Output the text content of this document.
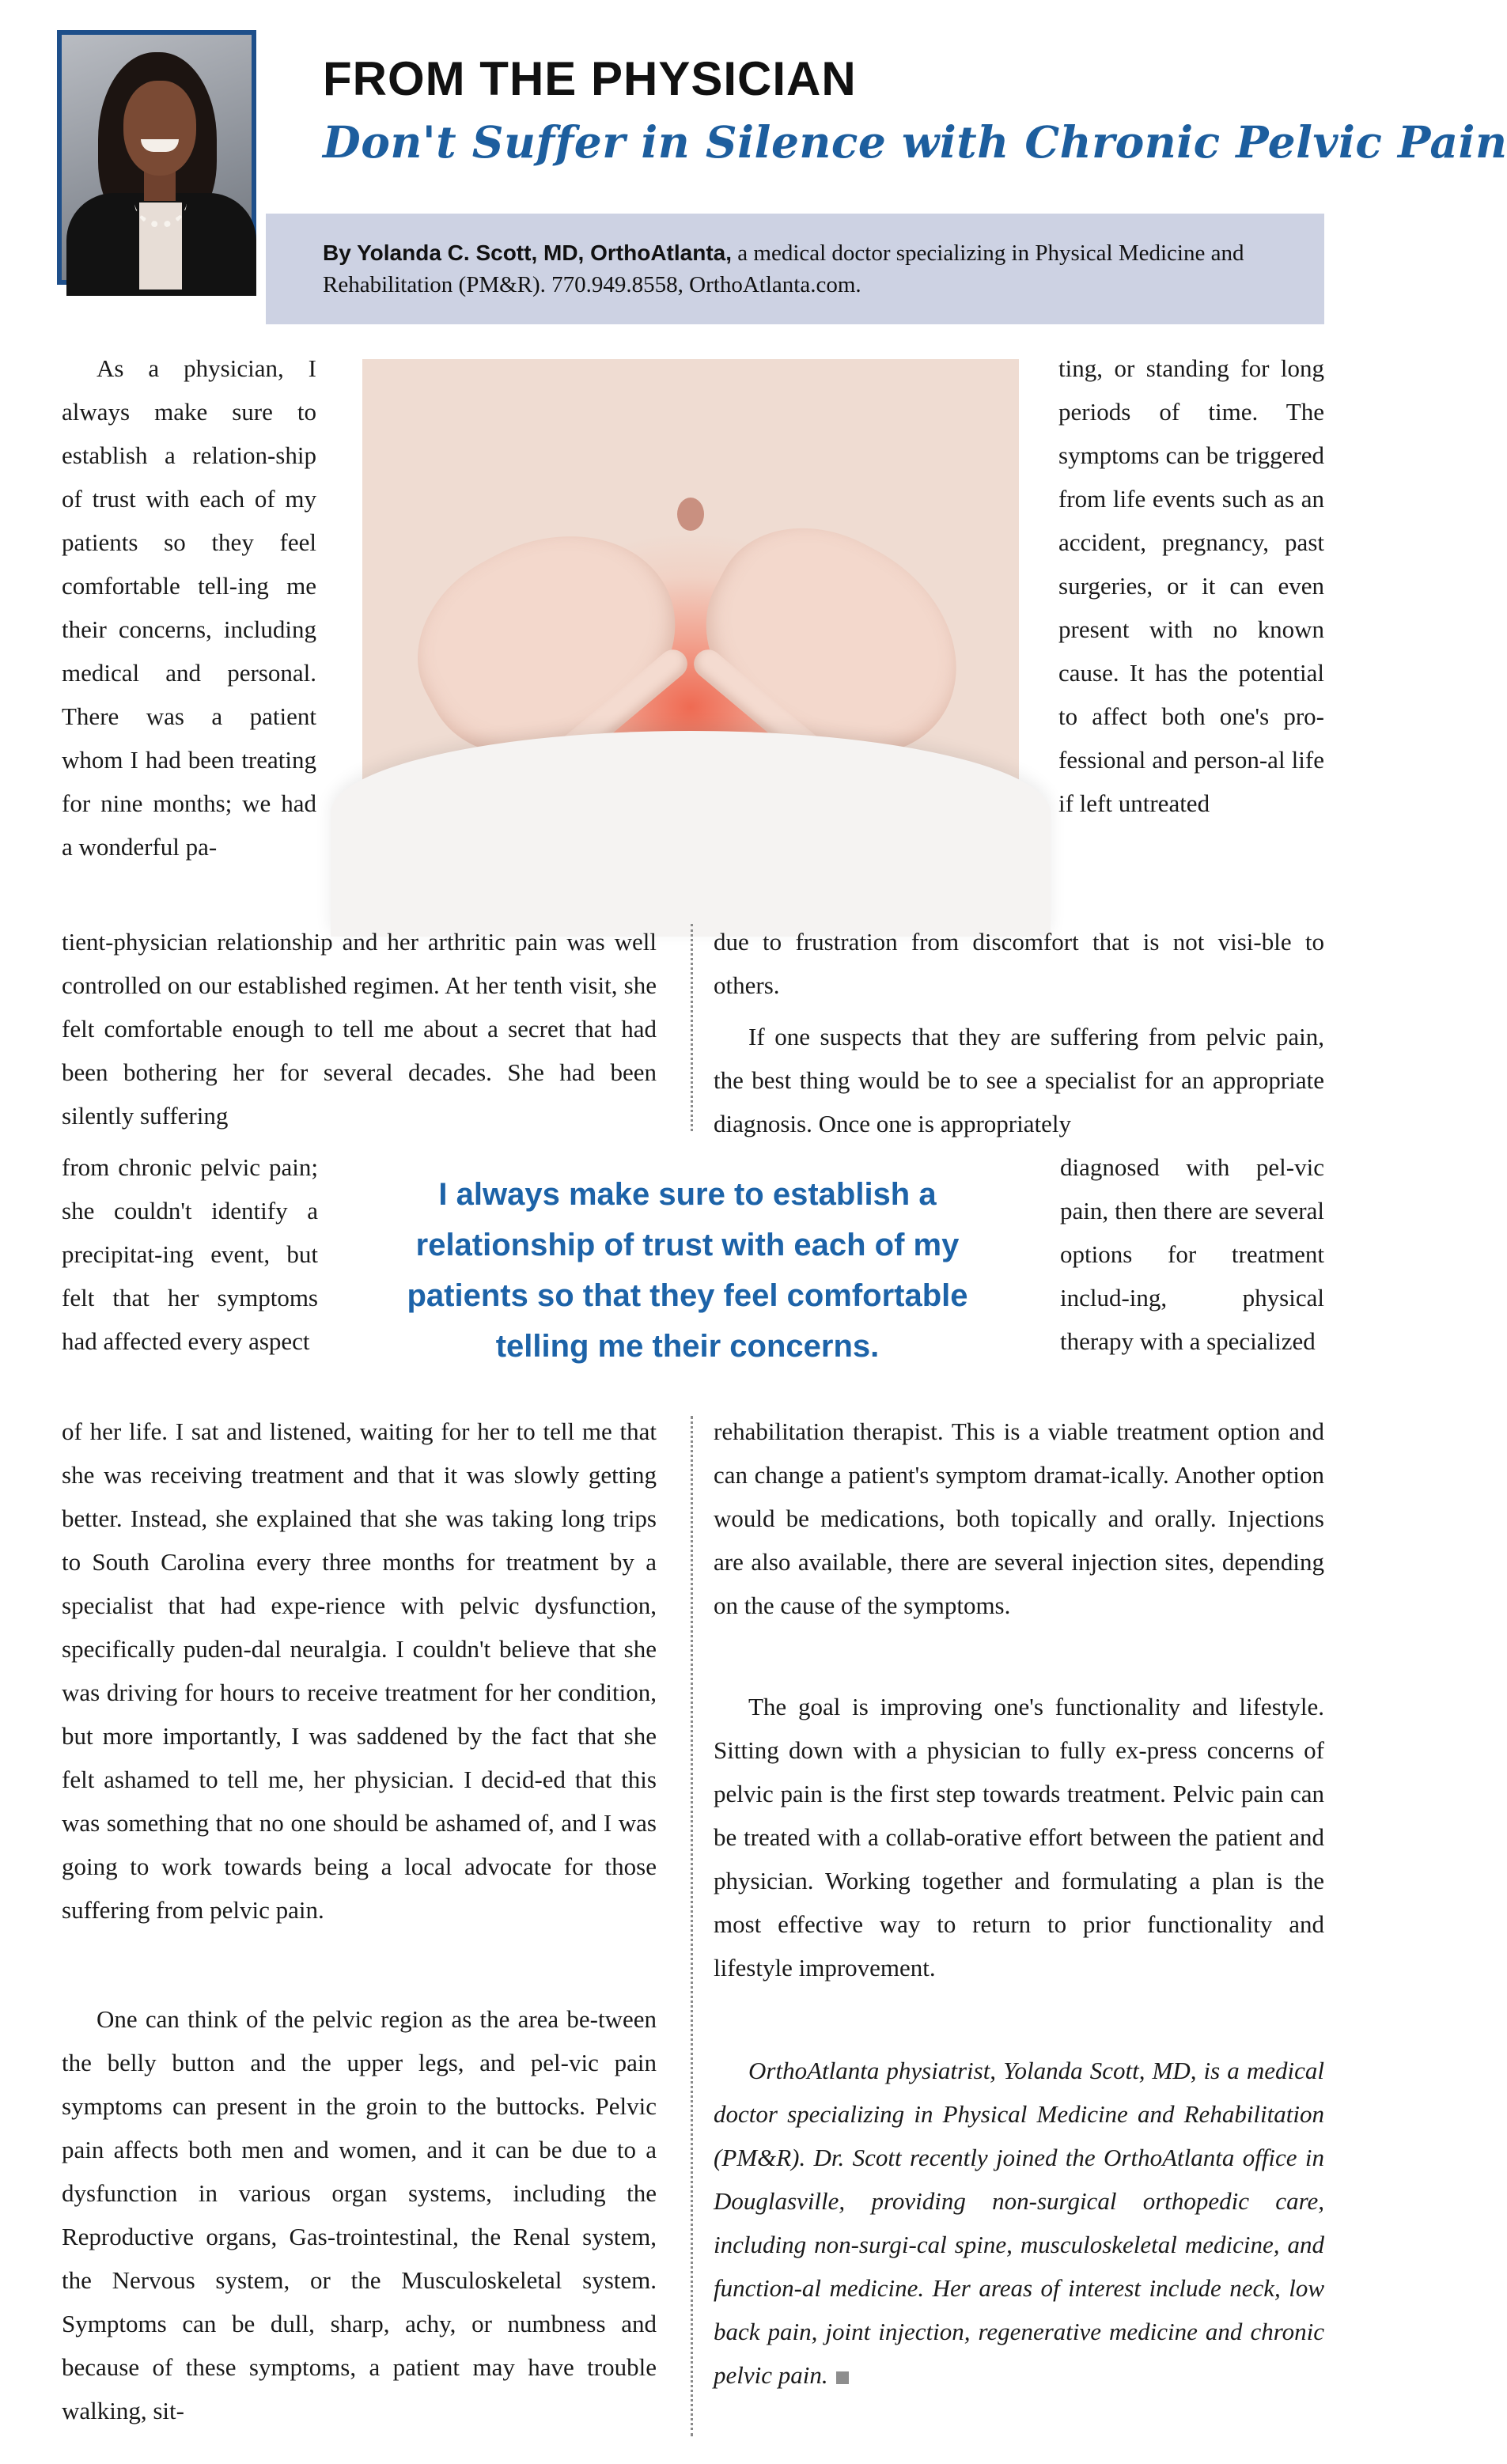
FROM THE PHYSICIAN
Don't Suffer in Silence with Chronic Pelvic Pain
By Yolanda C. Scott, MD, OrthoAtlanta, a medical doctor specializing in Physical Medicine and Rehabilitation (PM&R). 770.949.8558, OrthoAtlanta.com.

As a physician, I always make sure to establish a relation-ship of trust with each of my patients so they feel comfortable tell-ing me their concerns, including medical and personal. There was a patient whom I had been treating for nine months; we had a wonderful pa-

ting, or standing for long periods of time. The symptoms can be triggered from life events such as an accident, pregnancy, past surgeries, or it can even present with no known cause. It has the potential to affect both one's pro-fessional and person-al life if left untreated

tient-physician relationship and her arthritic pain was well controlled on our established regimen. At her tenth visit, she felt comfortable enough to tell me about a secret that had been bothering her for several decades. She had been silently suffering

due to frustration from discomfort that is not visi-ble to others.

If one suspects that they are suffering from pelvic pain, the best thing would be to see a specialist for an appropriate diagnosis. Once one is appropriately

from chronic pelvic pain; she couldn't identify a precipitat-ing event, but felt that her symptoms had affected every aspect

diagnosed with pel-vic pain, then there are several options for treatment includ-ing, physical therapy with a specialized

I always make sure to establish a relationship of trust with each of my patients so that they feel comfortable telling me their concerns.

of her life. I sat and listened, waiting for her to tell me that she was receiving treatment and that it was slowly getting better. Instead, she explained that she was taking long trips to South Carolina every three months for treatment by a specialist that had expe-rience with pelvic dysfunction, specifically puden-dal neuralgia. I couldn't believe that she was driving for hours to receive treatment for her condition, but more importantly, I was saddened by the fact that she felt ashamed to tell me, her physician. I decid-ed that this was something that no one should be ashamed of, and I was going to work towards being a local advocate for those suffering from pelvic pain.

One can think of the pelvic region as the area be-tween the belly button and the upper legs, and pel-vic pain symptoms can present in the groin to the buttocks. Pelvic pain affects both men and women, and it can be due to a dysfunction in various organ systems, including the Reproductive organs, Gas-trointestinal, the Renal system, the Nervous system, or the Musculoskeletal system. Symptoms can be dull, sharp, achy, or numbness and because of these symptoms, a patient may have trouble walking, sit-

rehabilitation therapist. This is a viable treatment option and can change a patient's symptom dramat-ically. Another option would be medications, both topically and orally. Injections are also available, there are several injection sites, depending on the cause of the symptoms.

The goal is improving one's functionality and lifestyle. Sitting down with a physician to fully ex-press concerns of pelvic pain is the first step towards treatment. Pelvic pain can be treated with a collab-orative effort between the patient and physician. Working together and formulating a plan is the most effective way to return to prior functionality and lifestyle improvement.

OrthoAtlanta physiatrist, Yolanda Scott, MD, is a medical doctor specializing in Physical Medicine and Rehabilitation (PM&R). Dr. Scott recently joined the OrthoAtlanta office in Douglasville, providing non-surgical orthopedic care, including non-surgi-cal spine, musculoskeletal medicine, and function-al medicine. Her areas of interest include neck, low back pain, joint injection, regenerative medicine and chronic pelvic pain.
